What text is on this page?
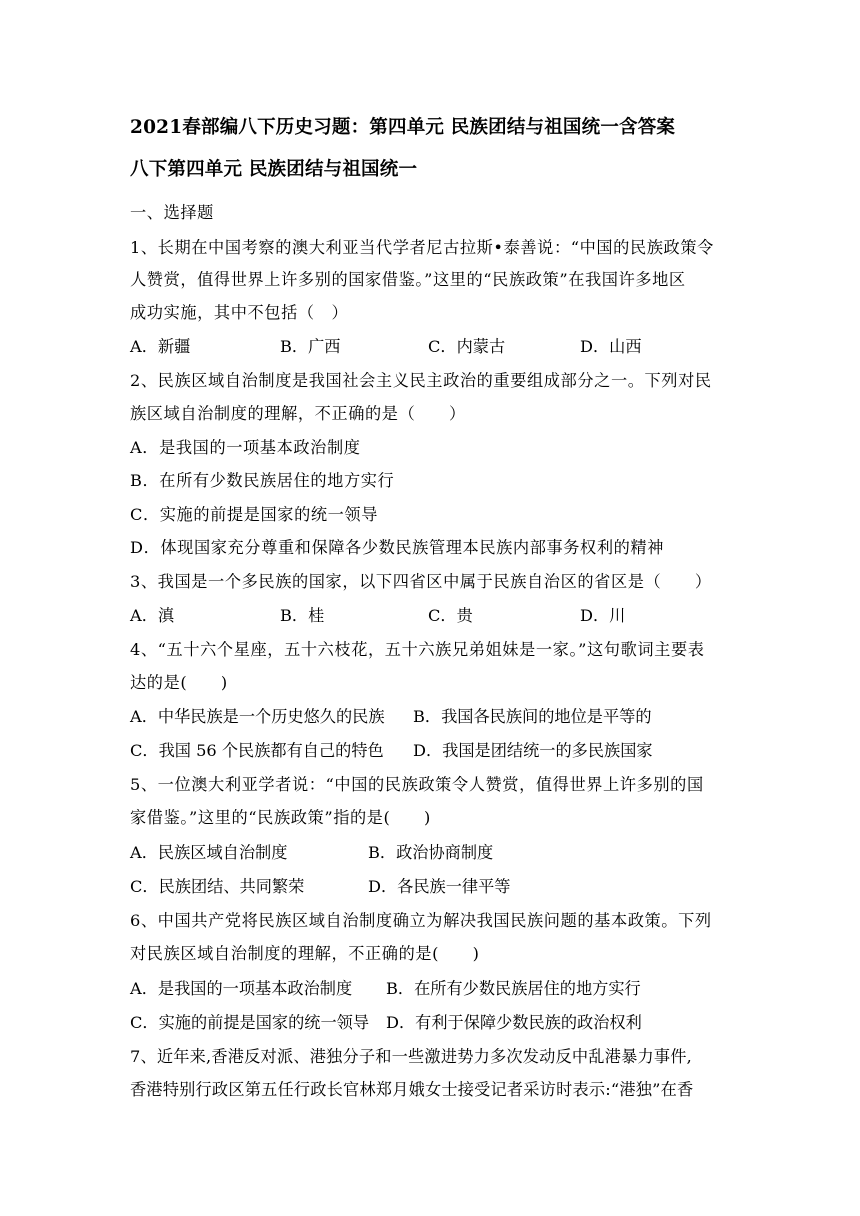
2021春部编八下历史习题：第四单元 民族团结与祖国统一含答案
八下第四单元 民族团结与祖国统一
一、选择题
1、长期在中国考察的澳大利亚当代学者尼古拉斯•泰善说：“中国的民族政策令
人赞赏，值得世界上许多别的国家借鉴。”这里的“民族政策”在我国许多地区
成功实施，其中不包括（　）
A．新疆	B．广西	C．内蒙古	D．山西
2、民族区域自治制度是我国社会主义民主政治的重要组成部分之一。下列对民
族区域自治制度的理解，不正确的是（　　）
A．是我国的一项基本政治制度
B．在所有少数民族居住的地方实行
C．实施的前提是国家的统一领导
D．体现国家充分尊重和保障各少数民族管理本民族内部事务权利的精神
3、我国是一个多民族的国家，以下四省区中属于民族自治区的省区是（　　）
A．滇	B．桂	C．贵	D．川
4、“五十六个星座，五十六枝花，五十六族兄弟姐妹是一家。”这句歌词主要表
达的是(　　)
A．中华民族是一个历史悠久的民族 B．我国各民族间的地位是平等的
C．我国 56 个民族都有自己的特色 D．我国是团结统一的多民族国家
5、一位澳大利亚学者说：“中国的民族政策令人赞赏，值得世界上许多别的国
家借鉴。”这里的“民族政策”指的是(　　)
A．民族区域自治制度	B．政治协商制度
C．民族团结、共同繁荣	D．各民族一律平等
6、中国共产党将民族区域自治制度确立为解决我国民族问题的基本政策。下列
对民族区域自治制度的理解，不正确的是(　　)
A．是我国的一项基本政治制度 B．在所有少数民族居住的地方实行
C．实施的前提是国家的统一领导 D．有利于保障少数民族的政治权利
7、近年来,香港反对派、港独分子和一些激进势力多次发动反中乱港暴力事件,
香港特别行政区第五任行政长官林郑月娥女士接受记者采访时表示:“港独”在香
